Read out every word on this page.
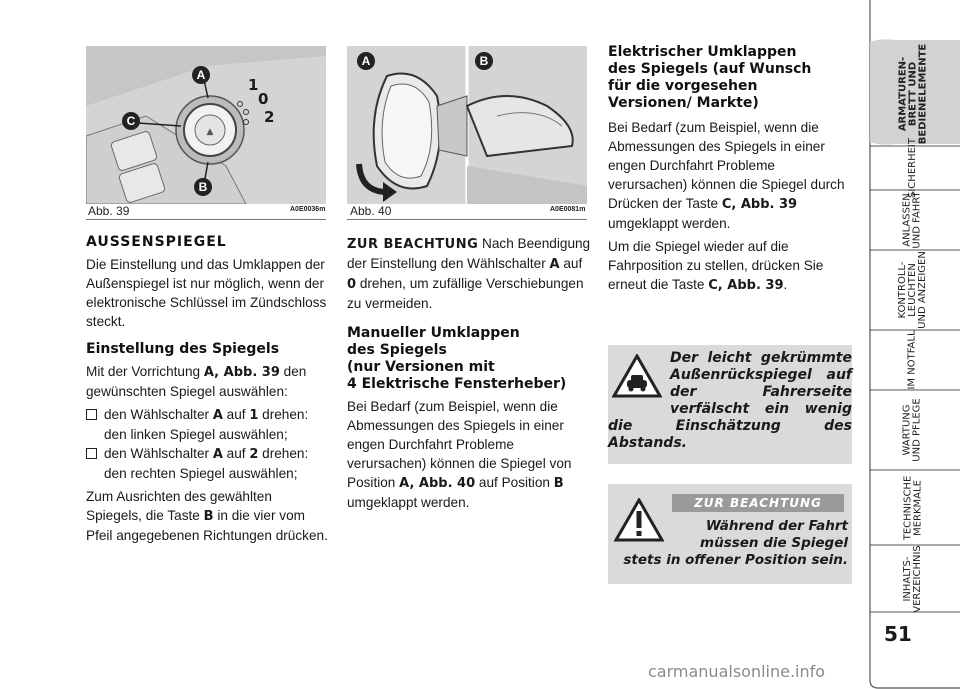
▲
A
C
B
1
0
2
Abb. 39	A0E0036m
AUSSENSPIEGEL

Die Einstellung und das Umklappen der Außenspiegel ist nur möglich, wenn der elektronische Schlüssel im Zündschloss steckt.

Einstellung des Spiegels

Mit der Vorrichtung A, Abb. 39 den gewünschten Spiegel auswählen:

den Wählschalter A auf 1 drehen: den linken Spiegel auswählen;
den Wählschalter A auf 2 drehen: den rechten Spiegel auswählen;

Zum Ausrichten des gewählten Spiegels, die Taste B in die vier vom Pfeil angegebenen Richtungen drücken.

A	B
Abb. 40	A0E0081m

ZUR BEACHTUNG Nach Beendigung der Einstellung den Wählschalter A auf 0 drehen, um zufällige Verschiebungen zu vermeiden.

Manueller Umklappen
des Spiegels
(nur Versionen mit
4 Elektrische Fensterheber)

Bei Bedarf (zum Beispiel, wenn die Abmessungen des Spiegels in einer engen Durchfahrt Probleme verursachen) können die Spiegel von Position A, Abb. 40 auf Position B umgeklappt werden.

Elektrischer Umklappen
des Spiegels (auf Wunsch
für die vorgesehen
Versionen/ Markte)

Bei Bedarf (zum Beispiel, wenn die Abmessungen des Spiegels in einer engen Durchfahrt Probleme verursachen) können die Spiegel durch Drücken der Taste C, Abb. 39 umgeklappt werden.

Um die Spiegel wieder auf die Fahrposition zu stellen, drücken Sie erneut die Taste C, Abb. 39.

Der leicht gekrümmte Außenrückspiegel auf der Fahrerseite verfälscht ein wenig die Einschätzung des Abstands.
ZUR BEACHTUNG
Während der Fahrt müssen die Spiegel stets in offener Position sein.
ARMATUREN-
BRETT UND
BEDIENELEMENTE
SICHERHEIT
ANLASSEN
UND FAHRT
KONTROLL-
LEUCHTEN
UND ANZEIGEN
IM NOTFALL
WARTUNG
UND PFLEGE
TECHNISCHE
MERKMALE
INHALTS-
VERZEICHNIS
51
carmanualsonline.info
